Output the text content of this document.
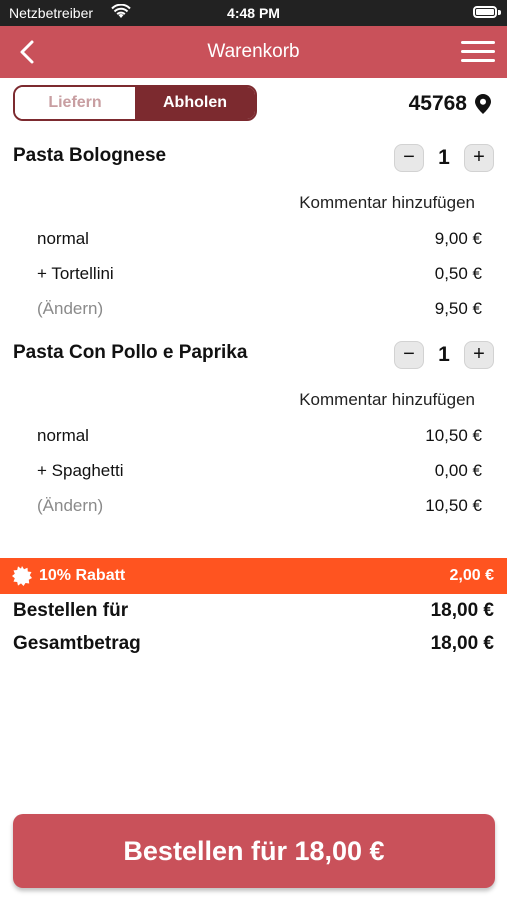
Netzbetreiber	4:48 PM
Warenkorb
Liefern	Abholen	45768
Pasta Bolognese	−	1	+
Kommentar hinzufügen
normal	9,00 €
+ Tortellini	0,50 €
(Ändern)	9,50 €
Pasta Con Pollo e Paprika	−	1	+
Kommentar hinzufügen
normal	10,50 €
+ Spaghetti	0,00 €
(Ändern)	10,50 €
10% Rabatt	2,00 €
Bestellen für	18,00 €
Gesamtbetrag	18,00 €
Bestellen für 18,00 €
